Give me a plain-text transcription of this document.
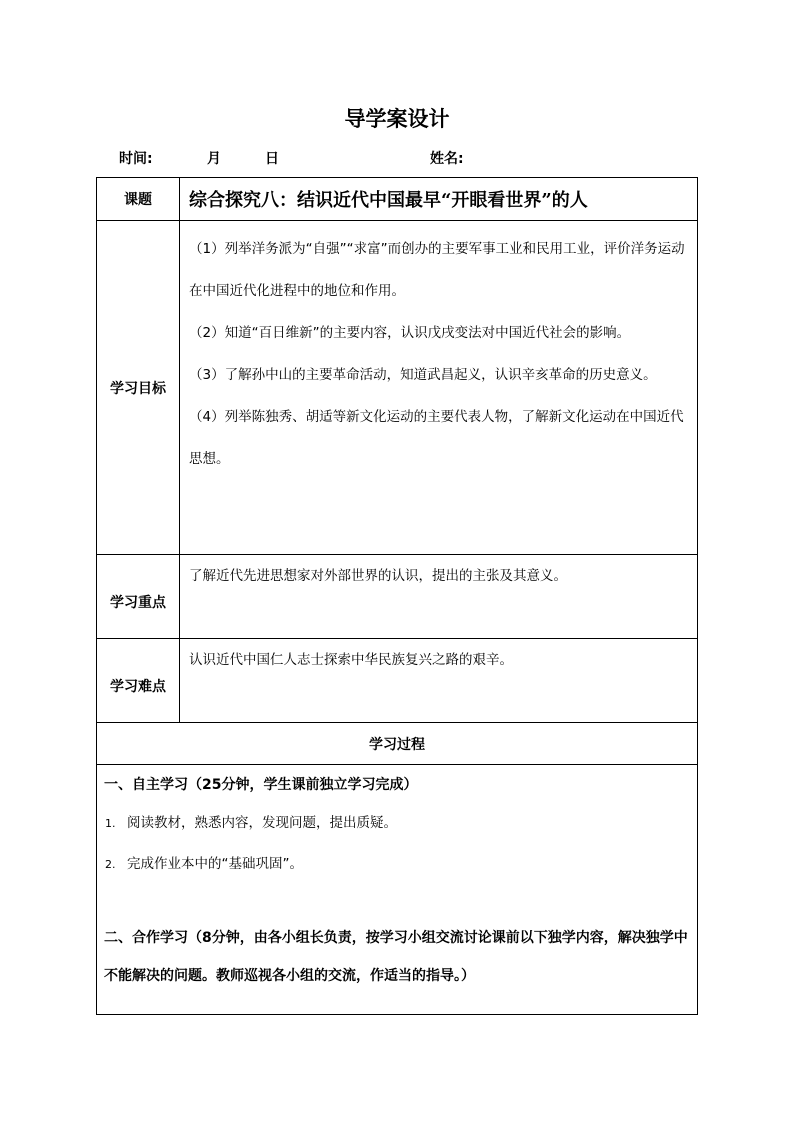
导学案设计
时间:	月	日	姓名:
课题	综合探究八：结识近代中国最早“开眼看世界”的人
学习目标	（1）列举洋务派为“自强”“求富”而创办的主要军事工业和民用工业，评价洋务运动在中国近代化进程中的地位和作用。

（2）知道“百日维新”的主要内容，认识戊戌变法对中国近代社会的影响。

（3）了解孙中山的主要革命活动，知道武昌起义，认识辛亥革命的历史意义。

（4）列举陈独秀、胡适等新文化运动的主要代表人物，了解新文化运动在中国近代思想。

学习重点	了解近代先进思想家对外部世界的认识，提出的主张及其意义。

学习难点	认识近代中国仁人志士探索中华民族复兴之路的艰辛。

学习过程	

一、自主学习（25分钟，学生课前独立学习完成）
1. 阅读教材，熟悉内容，发现问题，提出质疑。
2. 完成作业本中的“基础巩固”。
二、合作学习（8分钟，由各小组长负责，按学习小组交流讨论课前以下独学内容，解决独学中不能解决的问题。教师巡视各小组的交流，作适当的指导。）	
